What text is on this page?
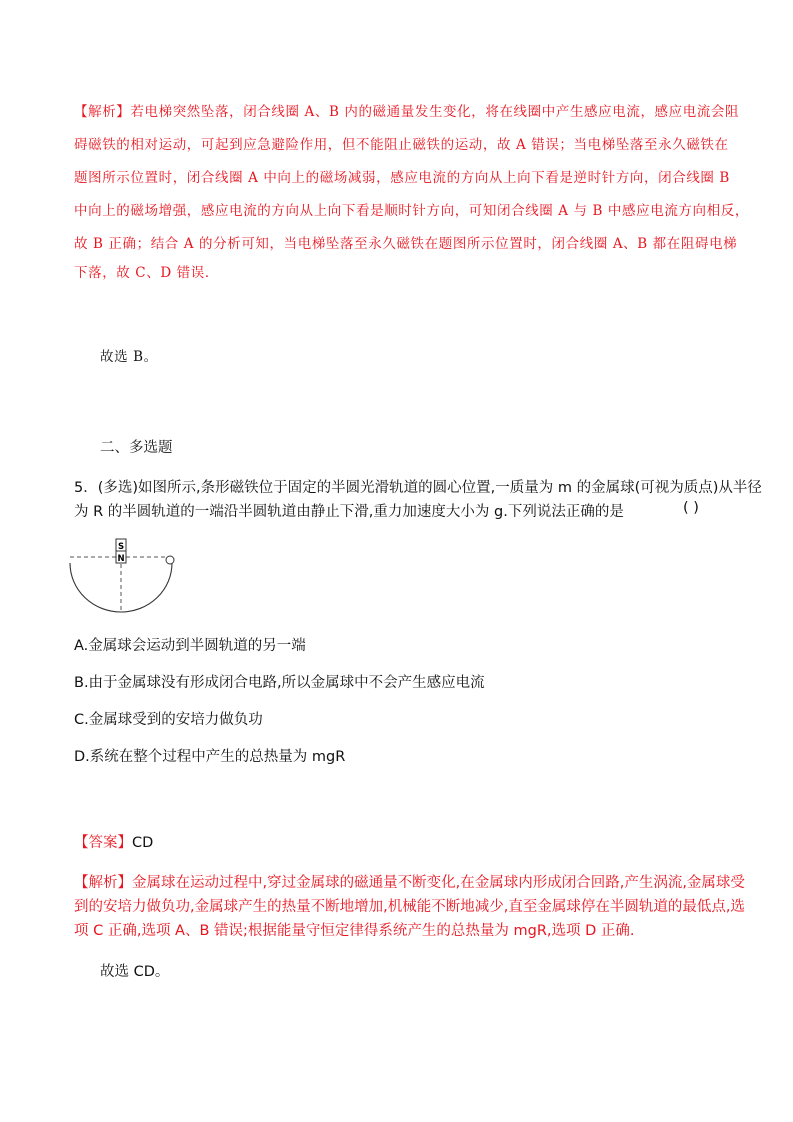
【解析】若电梯突然坠落，闭合线圈 A、B 内的磁通量发生变化，将在线圈中产生感应电流，感应电流会阻
碍磁铁的相对运动，可起到应急避险作用，但不能阻止磁铁的运动，故 A 错误；当电梯坠落至永久磁铁在
题图所示位置时，闭合线圈 A 中向上的磁场减弱，感应电流的方向从上向下看是逆时针方向，闭合线圈 B
中向上的磁场增强，感应电流的方向从上向下看是顺时针方向，可知闭合线圈 A 与 B 中感应电流方向相反，
故 B 正确；结合 A 的分析可知，当电梯坠落至永久磁铁在题图所示位置时，闭合线圈 A、B 都在阻碍电梯
下落，故 C、D 错误．
故选 B。
二、多选题
5．(多选)如图所示,条形磁铁位于固定的半圆光滑轨道的圆心位置,一质量为 m 的金属球(可视为质点)从半径
为 R 的半圆轨道的一端沿半圆轨道由静止下滑,重力加速度大小为 g.下列说法正确的是	( )
S
N
A.金属球会运动到半圆轨道的另一端
B.由于金属球没有形成闭合电路,所以金属球中不会产生感应电流
C.金属球受到的安培力做负功
D.系统在整个过程中产生的总热量为 mgR
【答案】CD
【解析】金属球在运动过程中,穿过金属球的磁通量不断变化,在金属球内形成闭合回路,产生涡流,金属球受
到的安培力做负功,金属球产生的热量不断地增加,机械能不断地减少,直至金属球停在半圆轨道的最低点,选
项 C 正确,选项 A、B 错误;根据能量守恒定律得系统产生的总热量为 mgR,选项 D 正确.
故选 CD。
